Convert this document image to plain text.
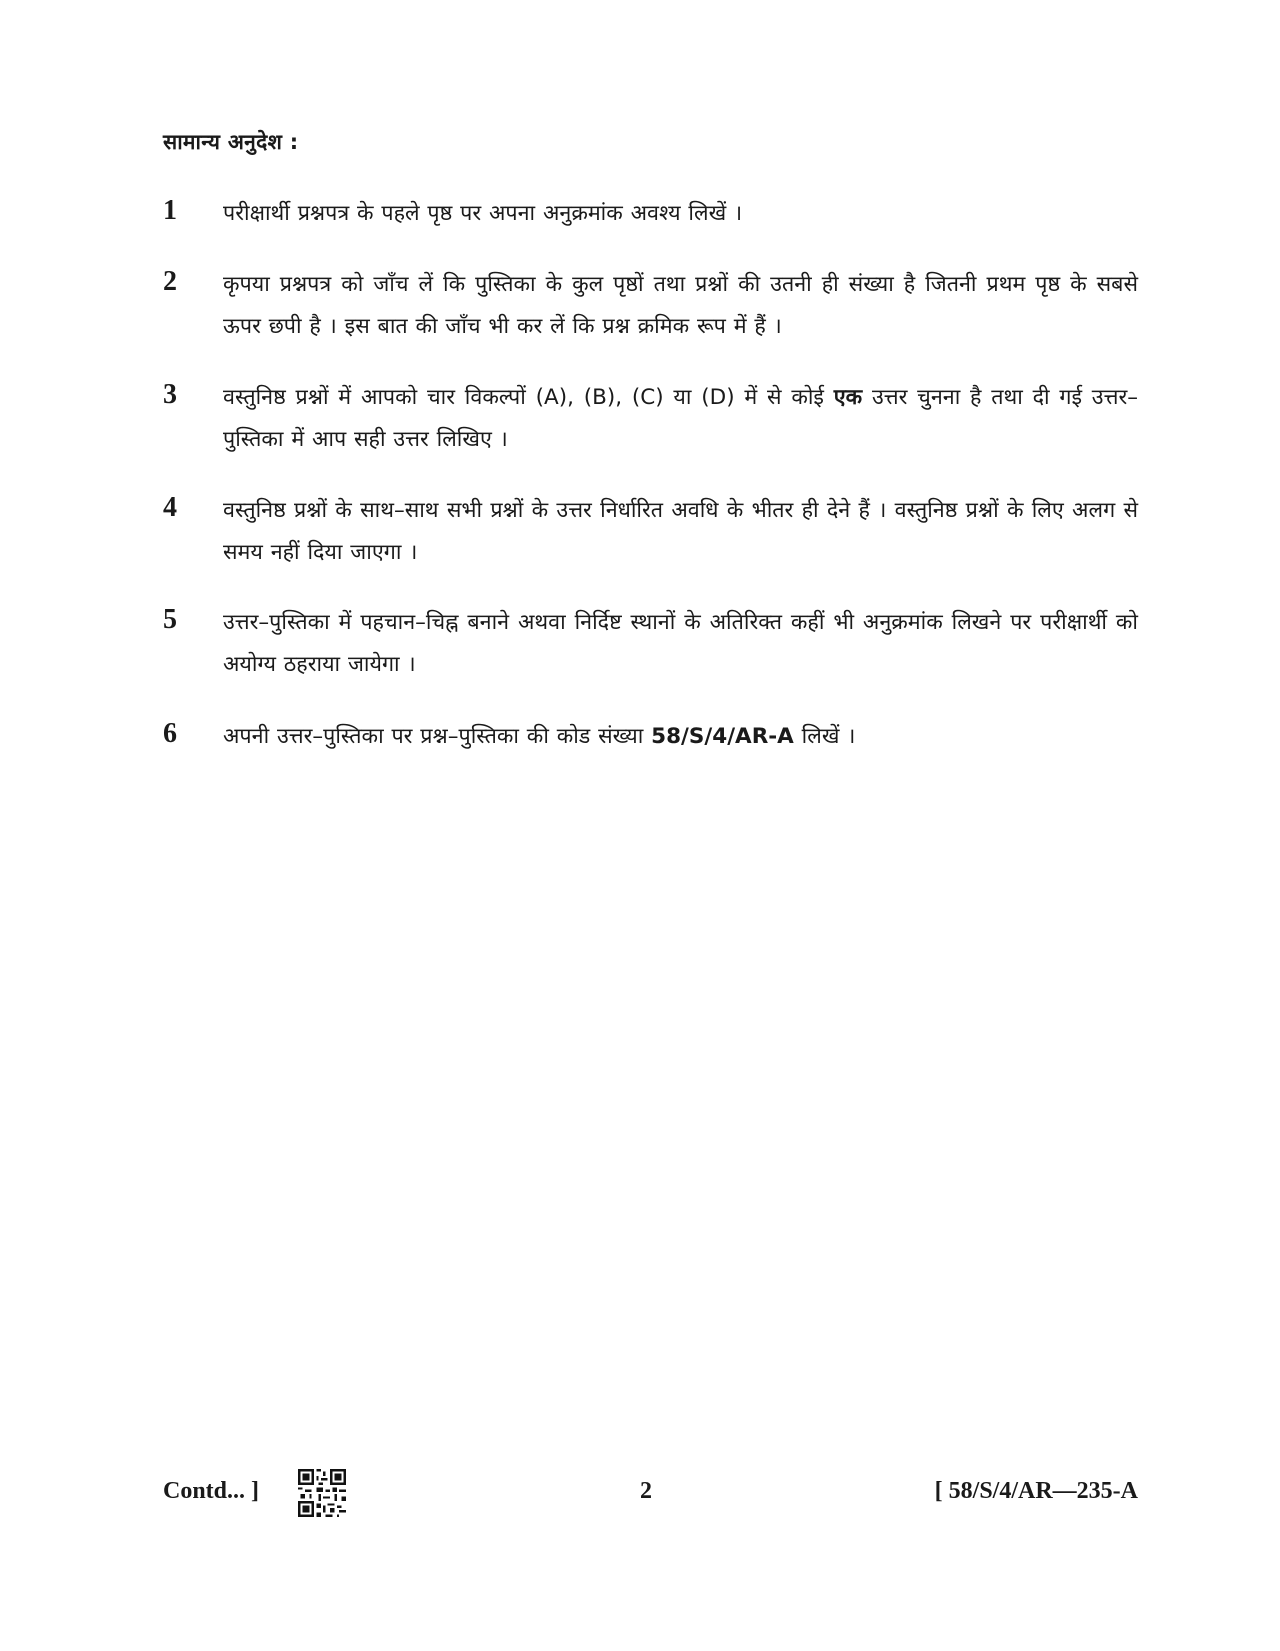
सामान्य अनुदेश :
1 परीक्षार्थी प्रश्नपत्र के पहले पृष्ठ पर अपना अनुक्रमांक अवश्य लिखें ।
2 कृपया प्रश्नपत्र को जाँच लें कि पुस्तिका के कुल पृष्ठों तथा प्रश्नों की उतनी ही संख्या है जितनी प्रथम पृष्ठ के सबसे ऊपर छपी है । इस बात की जाँच भी कर लें कि प्रश्न क्रमिक रूप में हैं ।
3 वस्तुनिष्ठ प्रश्नों में आपको चार विकल्पों (A), (B), (C) या (D) में से कोई एक उत्तर चुनना है तथा दी गई उत्तर–पुस्तिका में आप सही उत्तर लिखिए ।
4 वस्तुनिष्ठ प्रश्नों के साथ–साथ सभी प्रश्नों के उत्तर निर्धारित अवधि के भीतर ही देने हैं । वस्तुनिष्ठ प्रश्नों के लिए अलग से समय नहीं दिया जाएगा ।
5 उत्तर–पुस्तिका में पहचान–चिह्न बनाने अथवा निर्दिष्ट स्थानों के अतिरिक्त कहीं भी अनुक्रमांक लिखने पर परीक्षार्थी को अयोग्य ठहराया जायेगा ।
6 अपनी उत्तर–पुस्तिका पर प्रश्न–पुस्तिका की कोड संख्या 58/S/4/AR-A लिखें ।
Contd... ]	2	[ 58/S/4/AR—235-A
